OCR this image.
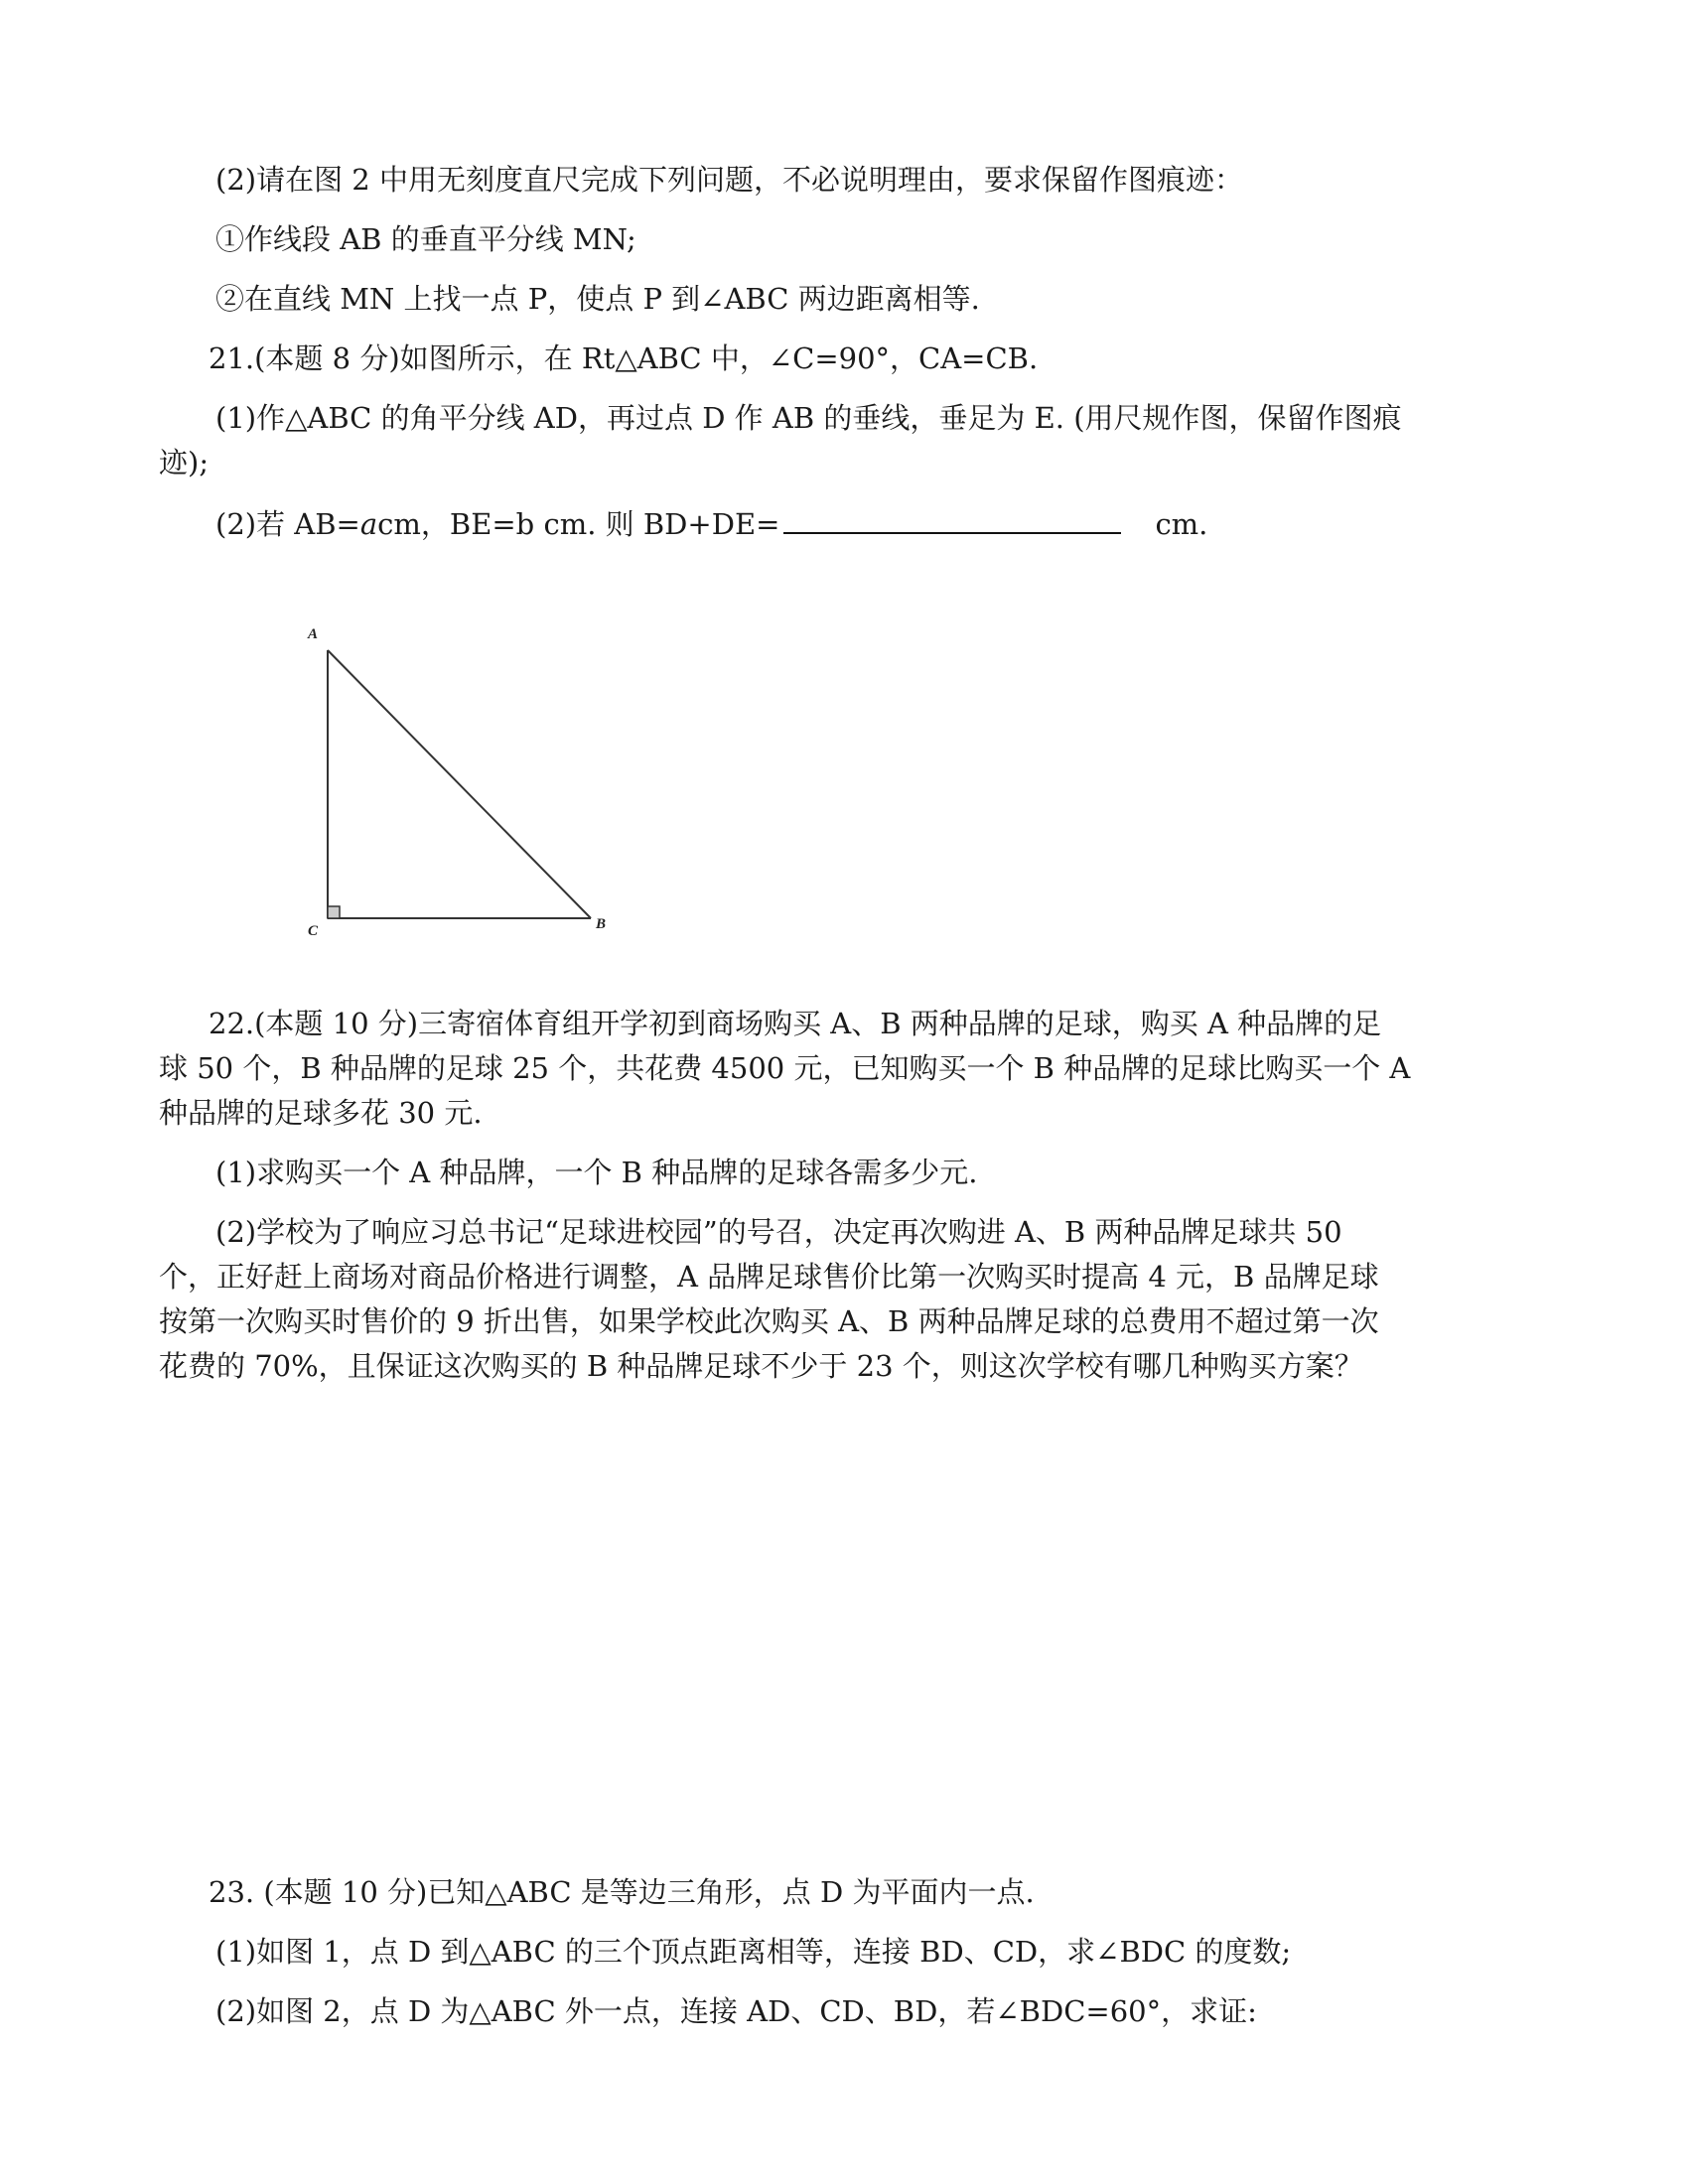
(2)请在图 2 中用无刻度直尺完成下列问题，不必说明理由，要求保留作图痕迹：
①作线段 AB 的垂直平分线 MN;
②在直线 MN 上找一点 P，使点 P 到∠ABC 两边距离相等.
21.(本题 8 分)如图所示，在 Rt△ABC 中，∠C=90°，CA=CB.
(1)作△ABC 的角平分线 AD，再过点 D 作 AB 的垂线，垂足为 E. (用尺规作图，保留作图痕
迹);
(2)若 AB=acm，BE=b cm. 则 BD+DE=	cm.
A
C	B
22.(本题 10 分)三寄宿体育组开学初到商场购买 A、B 两种品牌的足球，购买 A 种品牌的足
球 50 个，B 种品牌的足球 25 个，共花费 4500 元，已知购买一个 B 种品牌的足球比购买一个 A
种品牌的足球多花 30 元.
(1)求购买一个 A 种品牌，一个 B 种品牌的足球各需多少元.
(2)学校为了响应习总书记“足球进校园”的号召，决定再次购进 A、B 两种品牌足球共 50
个，正好赶上商场对商品价格进行调整，A 品牌足球售价比第一次购买时提高 4 元，B 品牌足球
按第一次购买时售价的 9 折出售，如果学校此次购买 A、B 两种品牌足球的总费用不超过第一次
花费的 70%，且保证这次购买的 B 种品牌足球不少于 23 个，则这次学校有哪几种购买方案？
23. (本题 10 分)已知△ABC 是等边三角形，点 D 为平面内一点.
(1)如图 1，点 D 到△ABC 的三个顶点距离相等，连接 BD、CD，求∠BDC 的度数;
(2)如图 2，点 D 为△ABC 外一点，连接 AD、CD、BD，若∠BDC=60°，求证:
